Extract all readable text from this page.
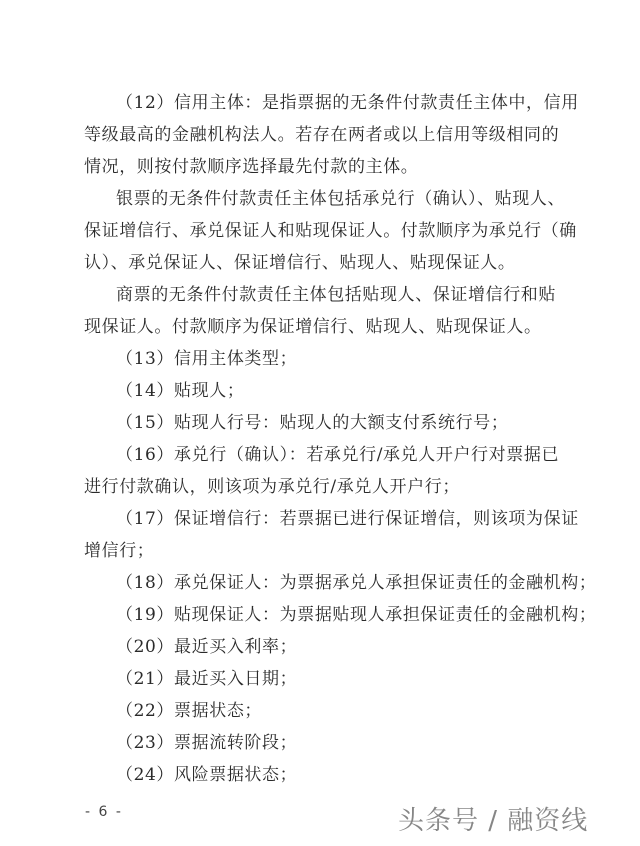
（12）信用主体：是指票据的无条件付款责任主体中，信用
等级最高的金融机构法人。若存在两者或以上信用等级相同的
情况，则按付款顺序选择最先付款的主体。
银票的无条件付款责任主体包括承兑行（确认）、贴现人、
保证增信行、承兑保证人和贴现保证人。付款顺序为承兑行（确
认）、承兑保证人、保证增信行、贴现人、贴现保证人。
商票的无条件付款责任主体包括贴现人、保证增信行和贴
现保证人。付款顺序为保证增信行、贴现人、贴现保证人。
（13）信用主体类型；
（14）贴现人；
（15）贴现人行号：贴现人的大额支付系统行号；
（16）承兑行（确认）：若承兑行/承兑人开户行对票据已
进行付款确认，则该项为承兑行/承兑人开户行；
（17）保证增信行：若票据已进行保证增信，则该项为保证
增信行；
（18）承兑保证人：为票据承兑人承担保证责任的金融机构；
（19）贴现保证人：为票据贴现人承担保证责任的金融机构；
（20）最近买入利率；
（21）最近买入日期；
（22）票据状态；
（23）票据流转阶段；
（24）风险票据状态；
- 6 -	头条号 / 融资线
